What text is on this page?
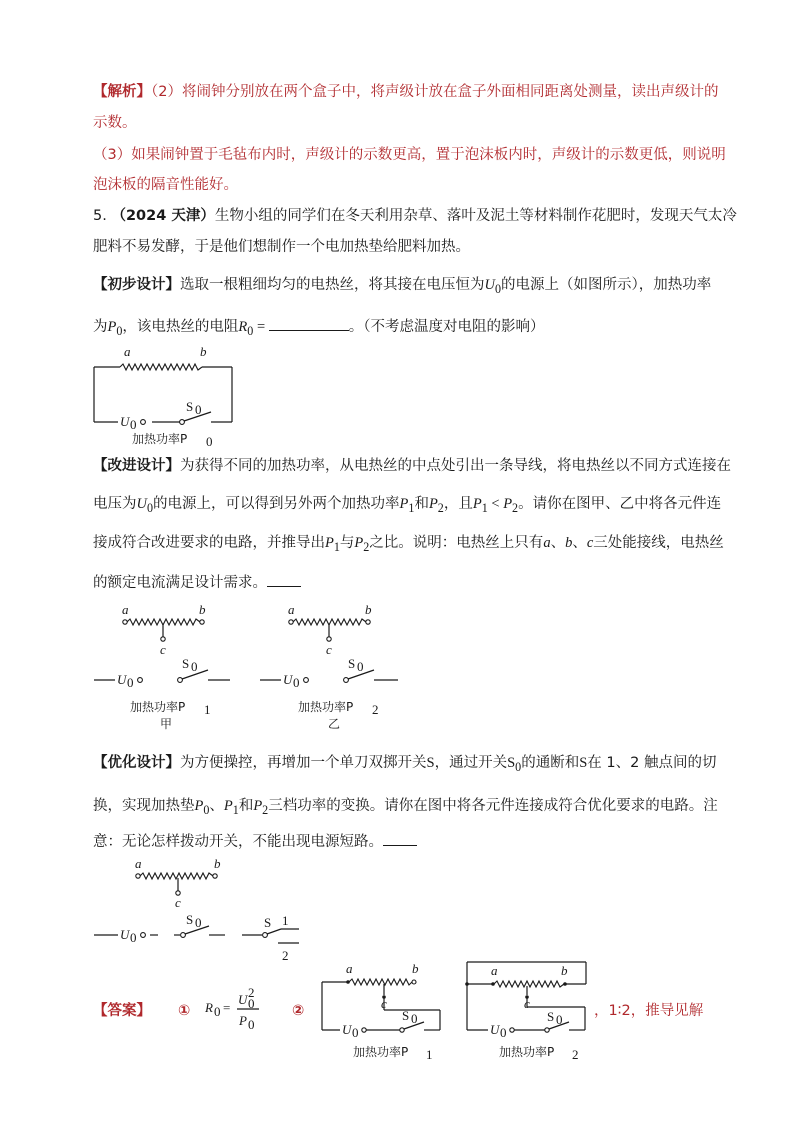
【解析】（2）将闹钟分别放在两个盒子中，将声级计放在盒子外面相同距离处测量，读出声级计的
示数。
（3）如果闹钟置于毛毡布内时，声级计的示数更高，置于泡沫板内时，声级计的示数更低，则说明
泡沫板的隔音性能好。
5. （2024 天津）生物小组的同学们在冬天利用杂草、落叶及泥土等材料制作花肥时，发现天气太冷
肥料不易发酵，于是他们想制作一个电加热垫给肥料加热。
【初步设计】选取一根粗细均匀的电热丝，将其接在电压恒为$U_0$的电源上（如图所示），加热功率
为$P_0$，该电热丝的电阻$R_0$ =	。（不考虑温度对电阻的影响）
a	b
U 0
S 0
加热功率P 0
【改进设计】为获得不同的加热功率，从电热丝的中点处引出一条导线，将电热丝以不同方式连接在
电压为$U_0$的电源上，可以得到另外两个加热功率$P_1$和$P_2$，且$P_1 < P_2$。请你在图甲、乙中将各元件连
接成符合改进要求的电路，并推导出$P_1$与$P_2$之比。说明：电热丝上只有a、b、c三处能接线，电热丝
的额定电流满足设计需求。
a	b
c
U 0
S 0
加热功率P 1
甲
a	b
c
U 0
S 0
加热功率P 2
乙
【优化设计】为方便操控，再增加一个单刀双掷开关S，通过开关$S_0$的通断和S在 1、2 触点间的切
换，实现加热垫$P_0$、$P_1$和$P_2$三档功率的变换。请你在图中将各元件连接成符合优化要求的电路。注
意：无论怎样拨动开关，不能出现电源短路。
a	b
c
U 0
S 0	S 1
2
【答案】 ① R 0 =
U 2
0
P 0
②
a	b
c
U 0
S 0
加热功率P 1
a	b
c
U 0
S 0
加热功率P 2
，1∶2，推导见解
